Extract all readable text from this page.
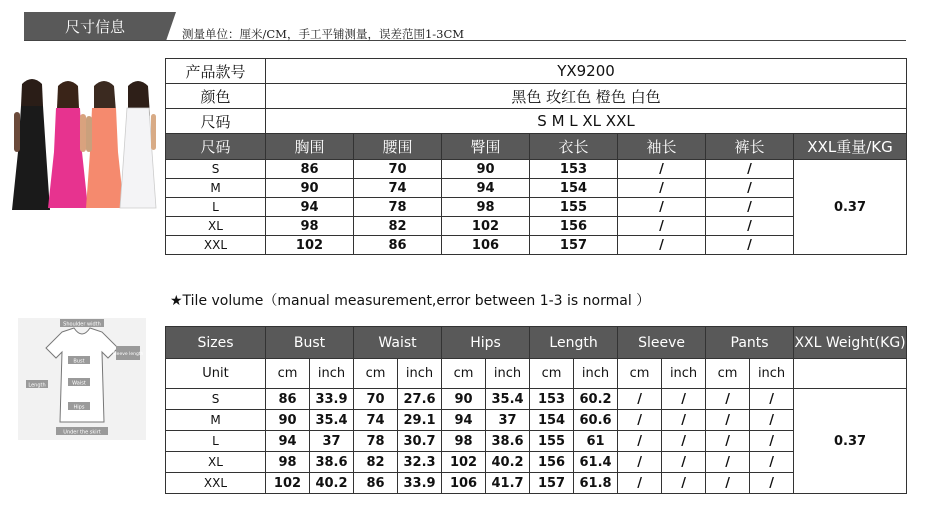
尺寸信息	测量单位：厘米/CM，手工平铺测量，误差范围1-3CM
产品款号	YX9200						
颜色	黑色 玫红色 橙色 白色						
尺码	S M L XL XXL						
尺码	胸围	腰围	臀围	衣长	袖长	裤长	XXL重量/KG
S	86	70	90	153	/	/	0.37
M	90	74	94	154	/	/	
L	94	78	98	155	/	/	
XL	98	82	102	156	/	/	
XXL	102	86	106	157	/	/	
★Tile volume（manual measurement,error between 1-3 is normal ）
Shoulder width
Bust
Waist
Hips
Length
Sleeve length
Under the skirt
Sizes	Bust		Waist		Hips		Length		Sleeve		Pants		XXL Weight(KG)
Unit	cm	inch	cm	inch	cm	inch	cm	inch	cm	inch	cm	inch	
S	86	33.9	70	27.6	90	35.4	153	60.2	/	/	/	/	0.37
M	90	35.4	74	29.1	94	37	154	60.6	/	/	/	/	
L	94	37	78	30.7	98	38.6	155	61	/	/	/	/	
XL	98	38.6	82	32.3	102	40.2	156	61.4	/	/	/	/	
XXL	102	40.2	86	33.9	106	41.7	157	61.8	/	/	/	/	
